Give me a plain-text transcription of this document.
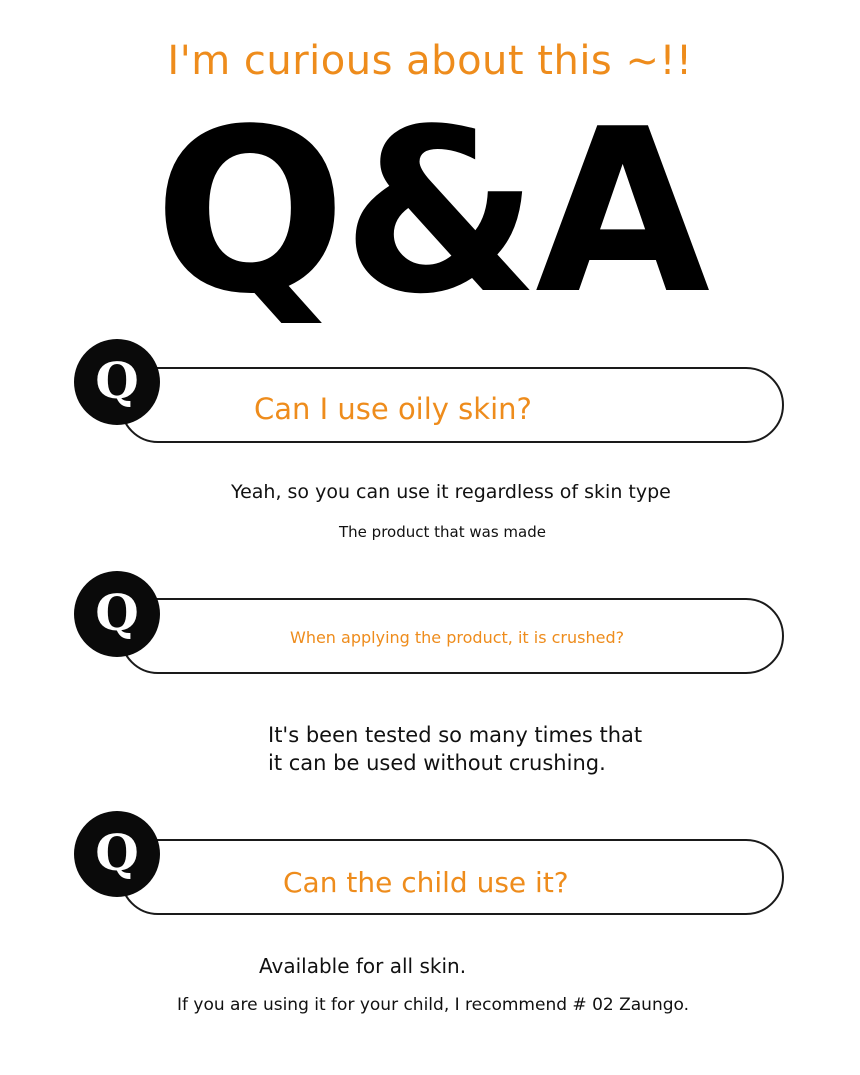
I'm curious about this ~!!
Q&A
Q	Can I use oily skin?
Yeah, so you can use it regardless of skin type
The product that was made
Q	When applying the product, it is crushed?
It's been tested so many times that
it can be used without crushing.
Q
Can the child use it?
Available for all skin.
If you are using it for your child, I recommend # 02 Zaungo.
